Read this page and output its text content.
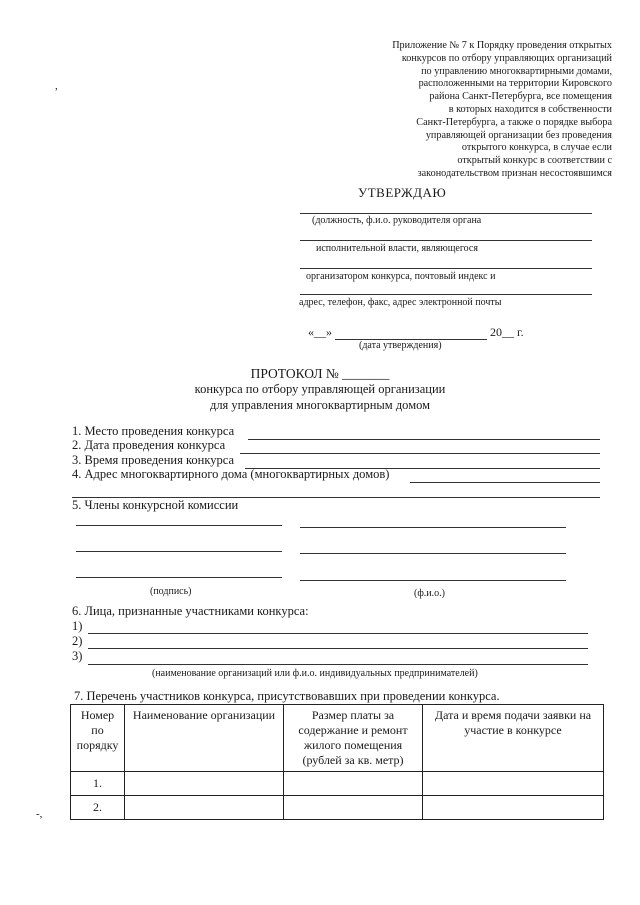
,
-,
Приложение № 7 к Порядку проведения открытых
конкурсов по отбору управляющих организаций
по управлению многоквартирными домами,
расположенными на территории Кировского
района Санкт-Петербурга, все помещения
в которых находится в собственности
Санкт-Петербурга, а также о порядке выбора
управляющей организации без проведения
открытого конкурса, в случае если
открытый конкурс в соответствии с
законодательством признан несостоявшимся
УТВЕРЖДАЮ
(должность, ф.и.о. руководителя органа
исполнительной власти, являющегося
организатором конкурса, почтовый индекс и
адрес, телефон, факс, адрес электронной почты
«__»	20__ г.
(дата утверждения)
ПРОТОКОЛ № _______
конкурса по отбору управляющей организации
для управления многоквартирным домом
1. Место проведения конкурса
2. Дата проведения конкурса
3. Время проведения конкурса
4. Адрес многоквартирного дома (многоквартирных домов)
5. Члены конкурсной комиссии
(подпись)	(ф.и.о.)
6. Лица, признанные участниками конкурса:
1)
2)
3)
(наименование организаций или ф.и.о. индивидуальных предпринимателей)
7. Перечень участников конкурса, присутствовавших при проведении конкурса.
Номер по порядку	Наименование организации	Размер платы за содержание и ремонт жилого помещения (рублей за кв. метр)	Дата и время подачи заявки на участие в конкурсе
1.			
2.			
